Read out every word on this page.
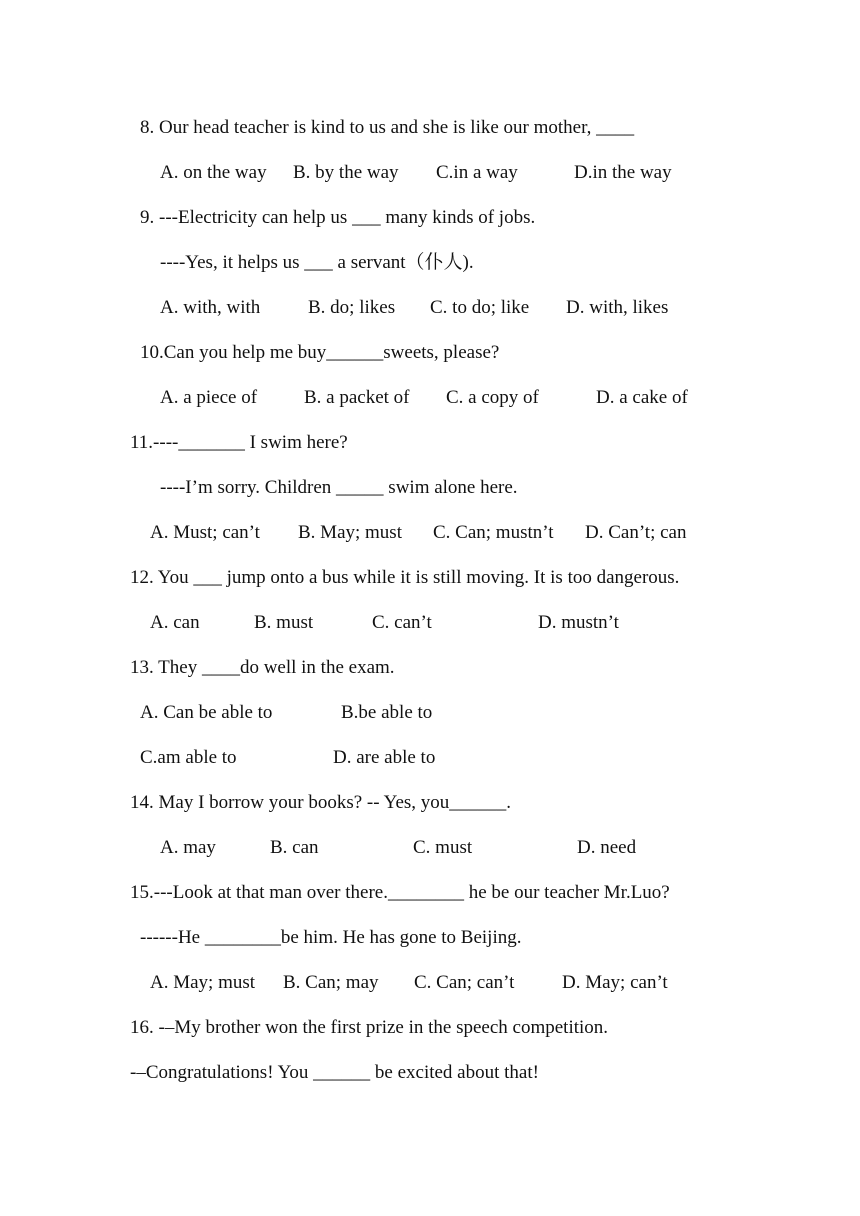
8. Our head teacher is kind to us and she is like our mother, ____
A. on the way B. by the way C.in a way	D.in the way
9. ---Electricity can help us ___ many kinds of jobs.
----Yes, it helps us ___ a servant（仆人).
A. with, with	B. do; likes C. to do; like D. with, likes
10.Can you help me buy______sweets, please?
A. a piece of B. a packet of C. a copy of	D. a cake of
11.----_______ I swim here?
----I’m sorry. Children _____ swim alone here.
A. Must; can’t B. May; must C. Can; mustn’t D. Can’t; can
12. You ___ jump onto a bus while it is still moving. It is too dangerous.
A. can	B. must	C. can’t	D. mustn’t
13. They ____do well in the exam.
A. Can be able to	B.be able to
C.am able to	D. are able to
14. May I borrow your books? -- Yes, you______.
A. may	B. can	C. must	D. need
15.---Look at that man over there.________ he be our teacher Mr.Luo?
------He ________be him. He has gone to Beijing.
A. May; must B. Can; may C. Can; can’t	D. May; can’t
16. -–My brother won the first prize in the speech competition.
-–Congratulations! You ______ be excited about that!
